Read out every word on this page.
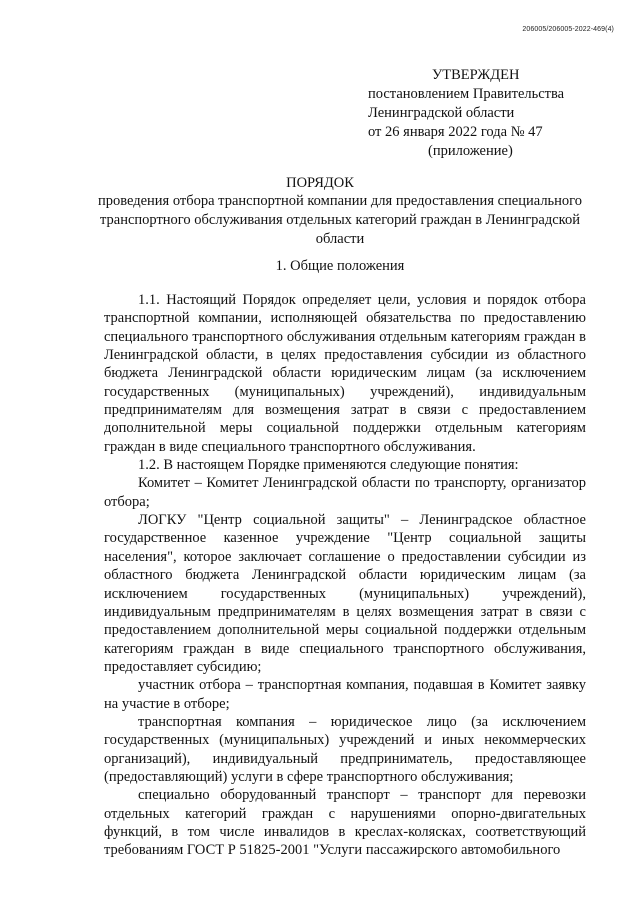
206005/206005-2022-469(4)
УТВЕРЖДЕН
постановлением Правительства
Ленинградской области
от 26 января 2022 года № 47
(приложение)
ПОРЯДОК
проведения отбора транспортной компании для предоставления специального транспортного обслуживания отдельных категорий граждан в Ленинградской области
1. Общие положения

1.1. Настоящий Порядок определяет цели, условия и порядок отбора транспортной компании, исполняющей обязательства по предоставлению специального транспортного обслуживания отдельным категориям граждан в Ленинградской области, в целях предоставления субсидии из областного бюджета Ленинградской области юридическим лицам (за исключением государственных (муниципальных) учреждений), индивидуальным предпринимателям для возмещения затрат в связи с предоставлением дополнительной меры социальной поддержки отдельным категориям граждан в виде специального транспортного обслуживания.

1.2. В настоящем Порядке применяются следующие понятия:

Комитет – Комитет Ленинградской области по транспорту, организатор отбора;

ЛОГКУ "Центр социальной защиты" – Ленинградское областное государственное казенное учреждение "Центр социальной защиты населения", которое заключает соглашение о предоставлении субсидии из областного бюджета Ленинградской области юридическим лицам (за исключением государственных (муниципальных) учреждений), индивидуальным предпринимателям в целях возмещения затрат в связи с предоставлением дополнительной меры социальной поддержки отдельным категориям граждан в виде специального транспортного обслуживания, предоставляет субсидию;

участник отбора – транспортная компания, подавшая в Комитет заявку на участие в отборе;

транспортная компания – юридическое лицо (за исключением государственных (муниципальных) учреждений и иных некоммерческих организаций), индивидуальный предприниматель, предоставляющее (предоставляющий) услуги в сфере транспортного обслуживания;

специально оборудованный транспорт – транспорт для перевозки отдельных категорий граждан с нарушениями опорно-двигательных функций, в том числе инвалидов в креслах-колясках, соответствующий требованиям ГОСТ Р 51825-2001 "Услуги пассажирского автомобильного
